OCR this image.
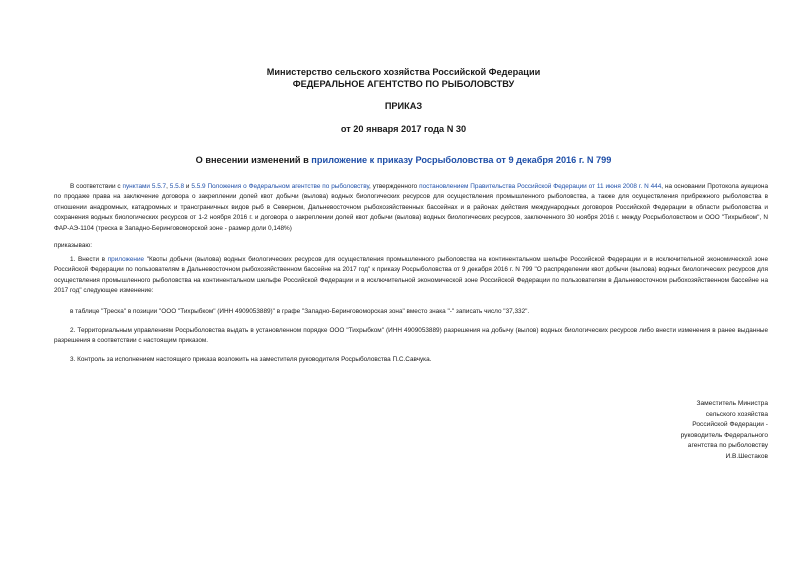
Министерство сельского хозяйства Российской Федерации
ФЕДЕРАЛЬНОЕ АГЕНТСТВО ПО РЫБОЛОВСТВУ
ПРИКАЗ
от 20 января 2017 года N 30
О внесении изменений в приложение к приказу Росрыболовства от 9 декабря 2016 г. N 799
В соответствии с пунктами 5.5.7, 5.5.8 и 5.5.9 Положения о Федеральном агентстве по рыболовству, утвержденного постановлением Правительства Российской Федерации от 11 июня 2008 г. N 444, на основании Протокола аукциона по продаже права на заключение договора о закреплении долей квот добычи (вылова) водных биологических ресурсов для осуществления промышленного рыболовства, а также для осуществления прибрежного рыболовства в отношении анадромных, катадромных и трансграничных видов рыб в Северном, Дальневосточном рыбохозяйственных бассейнах и в районах действия международных договоров Российской Федерации в области рыболовства и сохранения водных биологических ресурсов от 1-2 ноября 2016 г. и договора о закреплении долей квот добычи (вылова) водных биологических ресурсов, заключенного 30 ноября 2016 г. между Росрыболовством и ООО "Тихрыбком", N ФАР-АЭ-1104 (треска в Западно-Беринговоморской зоне - размер доли 0,148%)
приказываю:
1. Внести в приложение "Квоты добычи (вылова) водных биологических ресурсов для осуществления промышленного рыболовства на континентальном шельфе Российской Федерации и в исключительной экономической зоне Российской Федерации по пользователям в Дальневосточном рыбохозяйственном бассейне на 2017 год" к приказу Росрыболовства от 9 декабря 2016 г. N 799 "О распределении квот добычи (вылова) водных биологических ресурсов для осуществления промышленного рыболовства на континентальном шельфе Российской Федерации и в исключительной экономической зоне Российской Федерации по пользователям в Дальневосточном рыбохозяйственном бассейне на 2017 год" следующее изменение:
в таблице "Треска" в позиции "ООО "Тихрыбком" (ИНН 4909053889)" в графе "Западно-Беринговоморская зона" вместо знака "-" записать число "37,332".
2. Территориальным управлениям Росрыболовства выдать в установленном порядке ООО "Тихрыбком" (ИНН 4909053889) разрешения на добычу (вылов) водных биологических ресурсов либо внести изменения в ранее выданные разрешения в соответствии с настоящим приказом.
3. Контроль за исполнением настоящего приказа возложить на заместителя руководителя Росрыболовства П.С.Савчука.
Заместитель Министра
сельского хозяйства
Российской Федерации -
руководитель Федерального
агентства по рыболовству
И.В.Шестаков
